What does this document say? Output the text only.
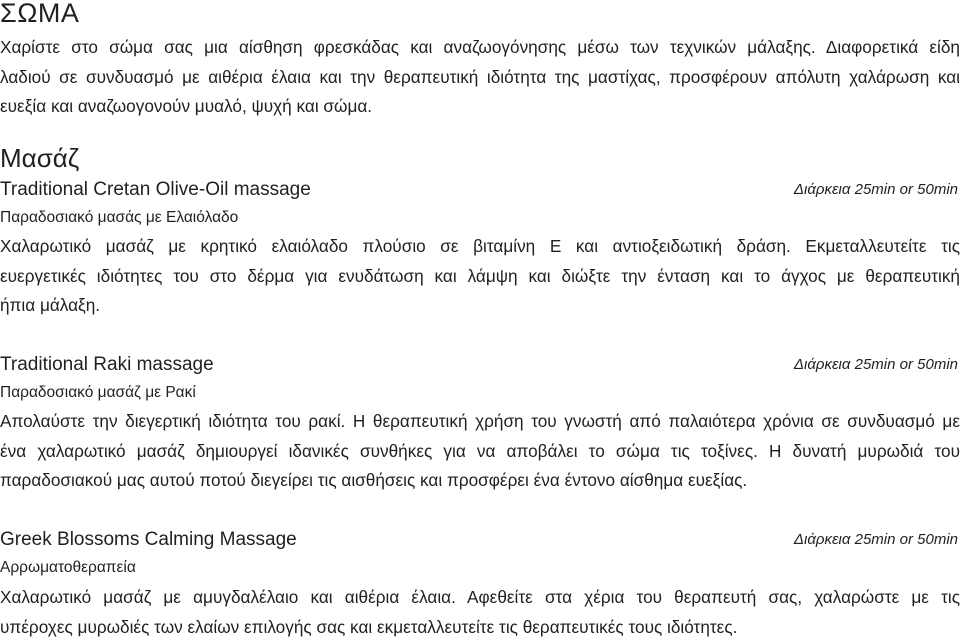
ΣΩΜΑ

Χαρίστε στο σώμα σας μια αίσθηση φρεσκάδας και αναζωογόνησης μέσω των τεχνικών μάλαξης. Διαφορετικά είδη
λαδιού σε συνδυασμό με αιθέρια έλαια και την θεραπευτική ιδιότητα της μαστίχας, προσφέρουν απόλυτη χαλάρωση και
ευεξία και αναζωογονούν μυαλό, ψυχή και σώμα.

Μασάζ
Traditional Cretan Olive-Oil massage	Διάρκεια 25min or 50min
Παραδοσιακό μασάς με Ελαιόλαδο

Χαλαρωτικό μασάζ με κρητικό ελαιόλαδο πλούσιο σε βιταμίνη Ε και αντιοξειδωτική δράση. Εκμεταλλευτείτε τις
ευεργετικές ιδιότητες του στο δέρμα για ενυδάτωση και λάμψη και διώξτε την ένταση και το άγχος με θεραπευτική
ήπια μάλαξη.

Traditional Raki massage	Διάρκεια 25min or 50min
Παραδοσιακό μασάζ με Ρακί

Απολαύστε την διεγερτική ιδιότητα του ρακί. Η θεραπευτική χρήση του γνωστή από παλαιότερα χρόνια σε συνδυασμό με
ένα χαλαρωτικό μασάζ δημιουργεί ιδανικές συνθήκες για να αποβάλει το σώμα τις τοξίνες. Η δυνατή μυρωδιά του
παραδοσιακού μας αυτού ποτού διεγείρει τις αισθήσεις και προσφέρει ένα έντονο αίσθημα ευεξίας.

Greek Blossoms Calming Massage	Διάρκεια 25min or 50min
Αρρωματοθεραπεία

Χαλαρωτικό μασάζ με αμυγδαλέλαιο και αιθέρια έλαια. Αφεθείτε στα χέρια του θεραπευτή σας, χαλαρώστε με τις
υπέροχες μυρωδιές των ελαίων επιλογής σας και εκμεταλλευτείτε τις θεραπευτικές τους ιδιότητες.
